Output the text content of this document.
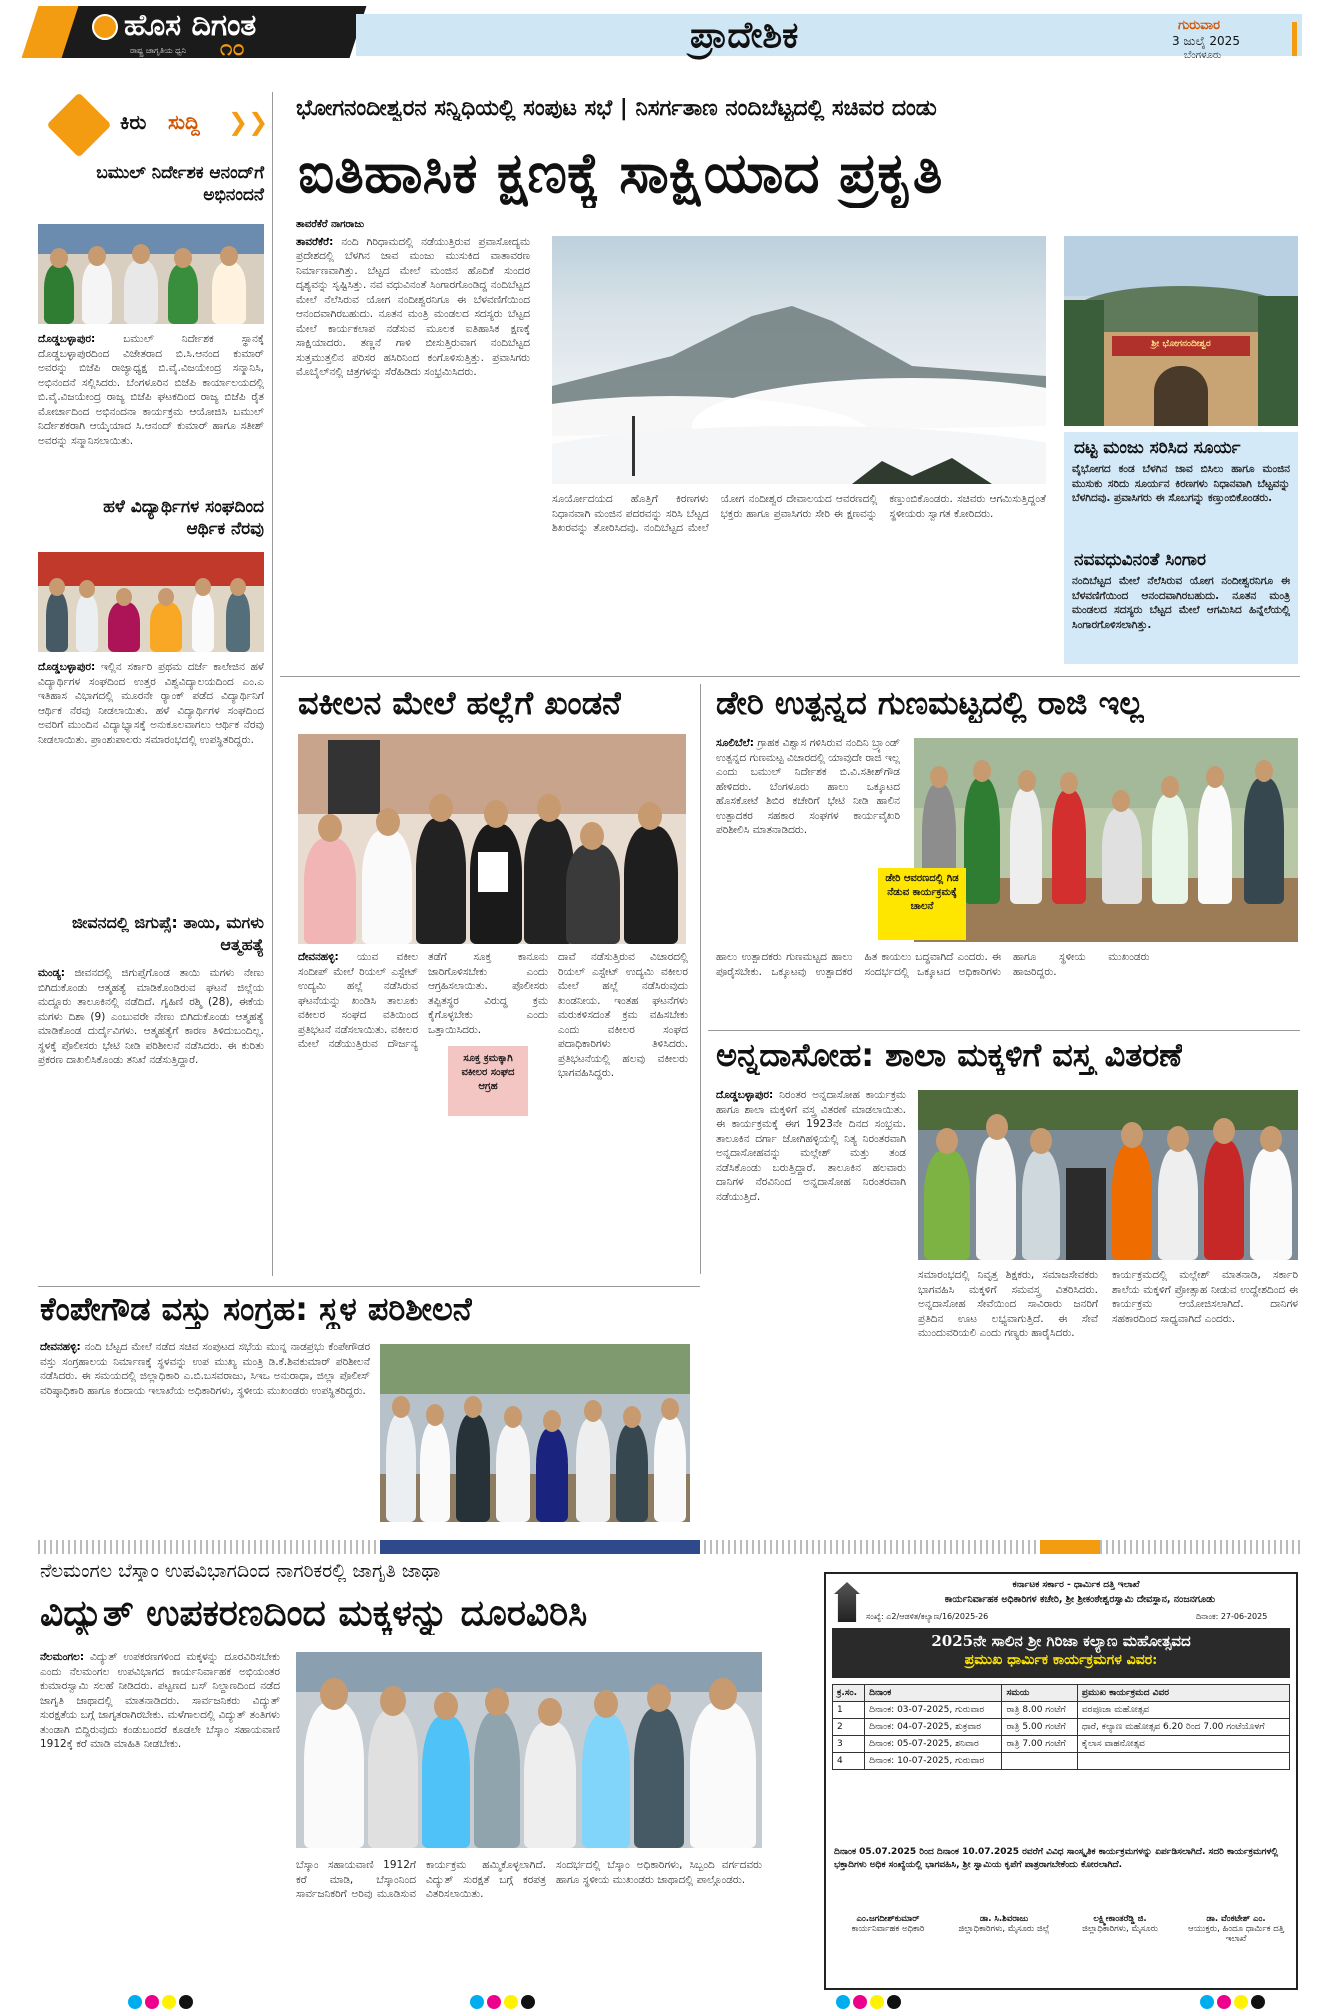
ಹೊಸ ದಿಗಂತ
ರಾಷ್ಟ್ರ ಜಾಗೃತಿಯ ಧ್ವನಿ ೧೦	ಪ್ರಾದೇಶಿಕ	ಗುರುವಾರ
3 ಜುಲೈ 2025
ಬೆಂಗಳೂರು
ಕಿರು ಸುದ್ದಿ ❯❯
ಬಮುಲ್ ನಿರ್ದೇಶಕ ಆನಂದ್‌ಗೆ ಅಭಿನಂದನೆ
ದೊಡ್ಡಬಳ್ಳಾಪುರ:	ಬಮುಲ್ ನಿರ್ದೇಶಕ ಸ್ಥಾನಕ್ಕೆ ದೊಡ್ಡಬಳ್ಳಾಪುರದಿಂದ ವಿಜೇತರಾದ ಬಿ.ಸಿ.ಆನಂದ ಕುಮಾರ್ ಅವರನ್ನು ಬಿಜೆಪಿ ರಾಜ್ಯಾಧ್ಯಕ್ಷ ಬಿ.ವೈ.ವಿಜಯೇಂದ್ರ ಸನ್ಮಾನಿಸಿ, ಅಭಿನಂದನೆ ಸಲ್ಲಿಸಿದರು. ಬೆಂಗಳೂರಿನ ಬಿಜೆಪಿ ಕಾರ್ಯಾಲಯದಲ್ಲಿ ಬಿ.ವೈ.ವಿಜಯೇಂದ್ರ ರಾಜ್ಯ ಬಿಜೆಪಿ ಘಟಕದಿಂದ ರಾಜ್ಯ ಬಿಜೆಪಿ ರೈತ ಮೋರ್ಚಾದಿಂದ ಅಭಿನಂದನಾ ಕಾರ್ಯಕ್ರಮ ಆಯೋಜಿಸಿ ಬಮುಲ್ ನಿರ್ದೇಶಕರಾಗಿ ಆಯ್ಕೆಯಾದ ಸಿ.ಆನಂದ್ ಕುಮಾರ್ ಹಾಗೂ ಸತೀಶ್ ಅವರನ್ನು ಸನ್ಮಾನಿಸಲಾಯಿತು.
ಹಳೆ ವಿದ್ಯಾರ್ಥಿಗಳ ಸಂಘದಿಂದ ಆರ್ಥಿಕ ನೆರವು
ದೊಡ್ಡಬಳ್ಳಾಪುರ: ಇಲ್ಲಿನ ಸರ್ಕಾರಿ ಪ್ರಥಮ ದರ್ಜೆ ಕಾಲೇಜಿನ ಹಳೆ ವಿದ್ಯಾರ್ಥಿಗಳ ಸಂಘದಿಂದ ಉತ್ತರ ವಿಶ್ವವಿದ್ಯಾಲಯದಿಂದ ಎಂ.ಎ ಇತಿಹಾಸ ವಿಭಾಗದಲ್ಲಿ ಮೂರನೇ ರ‍್ಯಾಂಕ್ ಪಡೆದ ವಿದ್ಯಾರ್ಥಿನಿಗೆ ಆರ್ಥಿಕ ನೆರವು ನೀಡಲಾಯಿತು. ಹಳೆ ವಿದ್ಯಾರ್ಥಿಗಳ ಸಂಘದಿಂದ ಅವರಿಗೆ ಮುಂದಿನ ವಿದ್ಯಾಭ್ಯಾಸಕ್ಕೆ ಅನುಕೂಲವಾಗಲು ಆರ್ಥಿಕ ನೆರವು ನೀಡಲಾಯಿತು. ಪ್ರಾಂಶುಪಾಲರು ಸಮಾರಂಭದಲ್ಲಿ ಉಪಸ್ಥಿತರಿದ್ದರು.
ಜೀವನದಲ್ಲಿ ಜಿಗುಪ್ಸೆ: ತಾಯಿ, ಮಗಳು ಆತ್ಮಹತ್ಯೆ
ಮಂಡ್ಯ: ಜೀವನದಲ್ಲಿ ಜಿಗುಪ್ಸೆಗೊಂಡ ತಾಯಿ ಮಗಳು ನೇಣು ಬಿಗಿದುಕೊಂಡು ಆತ್ಮಹತ್ಯೆ ಮಾಡಿಕೊಂಡಿರುವ ಘಟನೆ ಜಿಲ್ಲೆಯ ಮದ್ದೂರು ತಾಲೂಕಿನಲ್ಲಿ ನಡೆದಿದೆ. ಗೃಹಿಣಿ ರಶ್ಮಿ (28), ಈಕೆಯ ಮಗಳು ದಿಶಾ (9) ಎಂಬುವರೇ ನೇಣು ಬಿಗಿದುಕೊಂಡು ಆತ್ಮಹತ್ಯೆ ಮಾಡಿಕೊಂಡ ದುರ್ದೈವಿಗಳು. ಆತ್ಮಹತ್ಯೆಗೆ ಕಾರಣ ತಿಳಿದುಬಂದಿಲ್ಲ. ಸ್ಥಳಕ್ಕೆ ಪೊಲೀಸರು ಭೇಟಿ ನೀಡಿ ಪರಿಶೀಲನೆ ನಡೆಸಿದರು. ಈ ಕುರಿತು ಪ್ರಕರಣ ದಾಖಲಿಸಿಕೊಂಡು ತನಿಖೆ ನಡೆಸುತ್ತಿದ್ದಾರೆ.
ಭೋಗನಂದೀಶ್ವರನ ಸನ್ನಿಧಿಯಲ್ಲಿ ಸಂಪುಟ ಸಭೆ | ನಿಸರ್ಗತಾಣ ನಂದಿಬೆಟ್ಟದಲ್ಲಿ ಸಚಿವರ ದಂಡು
ಐತಿಹಾಸಿಕ ಕ್ಷಣಕ್ಕೆ ಸಾಕ್ಷಿಯಾದ ಪ್ರಕೃತಿ
ತಾವರೆಕೆರೆ ನಾಗರಾಜು
ತಾವರೆಕೆರೆ: ನಂದಿ ಗಿರಿಧಾಮದಲ್ಲಿ ನಡೆಯುತ್ತಿರುವ ಪ್ರವಾಸೋದ್ಯಮ ಪ್ರದೇಶದಲ್ಲಿ ಬೆಳಗಿನ ಜಾವ ಮಂಜು ಮುಸುಕಿದ ವಾತಾವರಣ ನಿರ್ಮಾಣವಾಗಿತ್ತು. ಬೆಟ್ಟದ ಮೇಲೆ ಮಂಜಿನ ಹೊದಿಕೆ ಸುಂದರ ದೃಶ್ಯವನ್ನು ಸೃಷ್ಟಿಸಿತ್ತು. ನವ ವಧುವಿನಂತೆ ಸಿಂಗಾರಗೊಂಡಿದ್ದ ನಂದಿಬೆಟ್ಟದ ಮೇಲೆ ನೆಲೆಸಿರುವ ಯೋಗ ನಂದೀಶ್ವರನಿಗೂ ಈ ಬೆಳವಣಿಗೆಯಿಂದ ಆನಂದವಾಗಿರಬಹುದು. ನೂತನ ಮಂತ್ರಿ ಮಂಡಲದ ಸದಸ್ಯರು ಬೆಟ್ಟದ ಮೇಲೆ ಕಾರ್ಯಕಲಾಪ ನಡೆಸುವ ಮೂಲಕ ಐತಿಹಾಸಿಕ ಕ್ಷಣಕ್ಕೆ ಸಾಕ್ಷಿಯಾದರು. ತಣ್ಣನೆ ಗಾಳಿ ಬೀಸುತ್ತಿರುವಾಗ ನಂದಿಬೆಟ್ಟದ ಸುತ್ತಮುತ್ತಲಿನ ಪರಿಸರ ಹಸಿರಿನಿಂದ ಕಂಗೊಳಿಸುತ್ತಿತ್ತು. ಪ್ರವಾಸಿಗರು ಮೊಬೈಲ್‌ನಲ್ಲಿ ಚಿತ್ರಗಳನ್ನು ಸೆರೆಹಿಡಿದು ಸಂಭ್ರಮಿಸಿದರು.
ಶ್ರೀ ಭೋಗನಂದೀಶ್ವರ
ದಟ್ಟ ಮಂಜು ಸರಿಸಿದ ಸೂರ್ಯ
ವೈಭೋಗದ ಕಂಡ ಬೆಳಗಿನ ಜಾವ ಬಿಸಿಲು ಹಾಗೂ ಮಂಜಿನ ಮುಸುಕು ಸರಿದು ಸೂರ್ಯನ ಕಿರಣಗಳು ನಿಧಾನವಾಗಿ ಬೆಟ್ಟವನ್ನು ಬೆಳಗಿದವು. ಪ್ರವಾಸಿಗರು ಈ ಸೊಬಗನ್ನು ಕಣ್ತುಂಬಿಕೊಂಡರು.
ನವವಧುವಿನಂತೆ ಸಿಂಗಾರ
ನಂದಿಬೆಟ್ಟದ ಮೇಲೆ ನೆಲೆಸಿರುವ ಯೋಗ ನಂದೀಶ್ವರನಿಗೂ ಈ ಬೆಳವಣಿಗೆಯಿಂದ ಆನಂದವಾಗಿರಬಹುದು. ನೂತನ ಮಂತ್ರಿ ಮಂಡಲದ ಸದಸ್ಯರು ಬೆಟ್ಟದ ಮೇಲೆ ಆಗಮಿಸಿದ ಹಿನ್ನೆಲೆಯಲ್ಲಿ ಸಿಂಗಾರಗೊಳಿಸಲಾಗಿತ್ತು.
ಸೂರ್ಯೋದಯದ ಹೊತ್ತಿಗೆ ಕಿರಣಗಳು ನಿಧಾನವಾಗಿ ಮಂಜಿನ ಪದರವನ್ನು ಸರಿಸಿ ಬೆಟ್ಟದ ಶಿಖರವನ್ನು ತೋರಿಸಿದವು. ನಂದಿಬೆಟ್ಟದ ಮೇಲೆ ಯೋಗ ನಂದೀಶ್ವರ ದೇವಾಲಯದ ಆವರಣದಲ್ಲಿ ಭಕ್ತರು ಹಾಗೂ ಪ್ರವಾಸಿಗರು ಸೇರಿ ಈ ಕ್ಷಣವನ್ನು ಕಣ್ತುಂಬಿಕೊಂಡರು. ಸಚಿವರು ಆಗಮಿಸುತ್ತಿದ್ದಂತೆ ಸ್ಥಳೀಯರು ಸ್ವಾಗತ ಕೋರಿದರು.
ವಕೀಲನ ಮೇಲೆ ಹಲ್ಲೆಗೆ ಖಂಡನೆ
ದೇವನಹಳ್ಳಿ: ಯುವ ವಕೀಲ ಸಂದೀಪ್ ಮೇಲೆ ರಿಯಲ್ ಎಸ್ಟೇಟ್ ಉದ್ಯಮಿ ಹಲ್ಲೆ ನಡೆಸಿರುವ ಘಟನೆಯನ್ನು ಖಂಡಿಸಿ ತಾಲೂಕು ವಕೀಲರ ಸಂಘದ ವತಿಯಿಂದ ಪ್ರತಿಭಟನೆ ನಡೆಸಲಾಯಿತು. ವಕೀಲರ ಮೇಲೆ ನಡೆಯುತ್ತಿರುವ ದೌರ್ಜನ್ಯ ತಡೆಗೆ ಸೂಕ್ತ ಕಾನೂನು ಜಾರಿಗೊಳಿಸಬೇಕು ಎಂದು ಆಗ್ರಹಿಸಲಾಯಿತು. ಪೊಲೀಸರು ತಪ್ಪಿತಸ್ಥರ ವಿರುದ್ಧ ಕ್ರಮ ಕೈಗೊಳ್ಳಬೇಕು ಎಂದು ಒತ್ತಾಯಿಸಿದರು.
ಸೂಕ್ತ ಕ್ರಮಕ್ಕಾಗಿ ವಕೀಲರ ಸಂಘದ ಆಗ್ರಹ
ದಾವೆ ನಡೆಸುತ್ತಿರುವ ವಿಚಾರದಲ್ಲಿ ರಿಯಲ್ ಎಸ್ಟೇಟ್ ಉದ್ಯಮಿ ವಕೀಲರ ಮೇಲೆ ಹಲ್ಲೆ ನಡೆಸಿರುವುದು ಖಂಡನೀಯ. ಇಂತಹ ಘಟನೆಗಳು ಮರುಕಳಿಸದಂತೆ ಕ್ರಮ ವಹಿಸಬೇಕು ಎಂದು ವಕೀಲರ ಸಂಘದ ಪದಾಧಿಕಾರಿಗಳು ತಿಳಿಸಿದರು. ಪ್ರತಿಭಟನೆಯಲ್ಲಿ ಹಲವು ವಕೀಲರು ಭಾಗವಹಿಸಿದ್ದರು.
ಡೇರಿ ಉತ್ಪನ್ನದ ಗುಣಮಟ್ಟದಲ್ಲಿ ರಾಜಿ ಇಲ್ಲ
ಸೂಲಿಬೆಲೆ: ಗ್ರಾಹಕ ವಿಶ್ವಾಸ ಗಳಿಸಿರುವ ನಂದಿನಿ ಬ್ರ್ಯಾಂಡ್ ಉತ್ಪನ್ನದ ಗುಣಮಟ್ಟ ವಿಚಾರದಲ್ಲಿ ಯಾವುದೇ ರಾಜಿ ಇಲ್ಲ ಎಂದು ಬಮುಲ್ ನಿರ್ದೇಶಕ ಬಿ.ವಿ.ಸತೀಶ್‌ಗೌಡ ಹೇಳಿದರು. ಬೆಂಗಳೂರು ಹಾಲು ಒಕ್ಕೂಟದ ಹೊಸಕೋಟೆ ಶಿಬಿರ ಕಚೇರಿಗೆ ಭೇಟಿ ನೀಡಿ ಹಾಲಿನ ಉತ್ಪಾದಕರ ಸಹಕಾರ ಸಂಘಗಳ ಕಾರ್ಯವೈಖರಿ ಪರಿಶೀಲಿಸಿ ಮಾತನಾಡಿದರು.
ಡೇರಿ ಆವರಣದಲ್ಲಿ ಗಿಡ ನೆಡುವ ಕಾರ್ಯಕ್ರಮಕ್ಕೆ ಚಾಲನೆ
ಹಾಲು ಉತ್ಪಾದಕರು ಗುಣಮಟ್ಟದ ಹಾಲು ಪೂರೈಸಬೇಕು. ಒಕ್ಕೂಟವು ಉತ್ಪಾದಕರ ಹಿತ ಕಾಯಲು ಬದ್ಧವಾಗಿದೆ ಎಂದರು. ಈ ಸಂದರ್ಭದಲ್ಲಿ ಒಕ್ಕೂಟದ ಅಧಿಕಾರಿಗಳು ಹಾಗೂ ಸ್ಥಳೀಯ ಮುಖಂಡರು ಹಾಜರಿದ್ದರು.
ಅನ್ನದಾಸೋಹ: ಶಾಲಾ ಮಕ್ಕಳಿಗೆ ವಸ್ತ್ರ ವಿತರಣೆ
ದೊಡ್ಡಬಳ್ಳಾಪುರ: ನಿರಂತರ ಅನ್ನದಾಸೋಹ ಕಾರ್ಯಕ್ರಮ ಹಾಗೂ ಶಾಲಾ ಮಕ್ಕಳಿಗೆ ವಸ್ತ್ರ ವಿತರಣೆ ಮಾಡಲಾಯಿತು. ಈ ಕಾರ್ಯಕ್ರಮಕ್ಕೆ ಈಗ 1923ನೇ ದಿನದ ಸಂಭ್ರಮ. ತಾಲೂಕಿನ ದರ್ಗಾ ಜೋಗಿಹಳ್ಳಿಯಲ್ಲಿ ನಿತ್ಯ ನಿರಂತರವಾಗಿ ಅನ್ನದಾಸೋಹವನ್ನು ಮಲ್ಲೇಶ್ ಮತ್ತು ತಂಡ ನಡೆಸಿಕೊಂಡು ಬರುತ್ತಿದ್ದಾರೆ. ತಾಲೂಕಿನ ಹಲವಾರು ದಾನಿಗಳ ನೆರವಿನಿಂದ ಅನ್ನದಾಸೋಹ ನಿರಂತರವಾಗಿ ನಡೆಯುತ್ತಿದೆ.
ಸಮಾರಂಭದಲ್ಲಿ ನಿವೃತ್ತ ಶಿಕ್ಷಕರು, ಸಮಾಜಸೇವಕರು ಭಾಗವಹಿಸಿ ಮಕ್ಕಳಿಗೆ ಸಮವಸ್ತ್ರ ವಿತರಿಸಿದರು. ಅನ್ನದಾಸೋಹ ಸೇವೆಯಿಂದ ಸಾವಿರಾರು ಜನರಿಗೆ ಪ್ರತಿದಿನ ಊಟ ಲಭ್ಯವಾಗುತ್ತಿದೆ. ಈ ಸೇವೆ ಮುಂದುವರಿಯಲಿ ಎಂದು ಗಣ್ಯರು ಹಾರೈಸಿದರು.
ಕಾರ್ಯಕ್ರಮದಲ್ಲಿ ಮಲ್ಲೇಶ್ ಮಾತನಾಡಿ, ಸರ್ಕಾರಿ ಶಾಲೆಯ ಮಕ್ಕಳಿಗೆ ಪ್ರೋತ್ಸಾಹ ನೀಡುವ ಉದ್ದೇಶದಿಂದ ಈ ಕಾರ್ಯಕ್ರಮ ಆಯೋಜಿಸಲಾಗಿದೆ. ದಾನಿಗಳ ಸಹಕಾರದಿಂದ ಸಾಧ್ಯವಾಗಿದೆ ಎಂದರು.
ಕೆಂಪೇಗೌಡ ವಸ್ತು ಸಂಗ್ರಹ: ಸ್ಥಳ ಪರಿಶೀಲನೆ
ದೇವನಹಳ್ಳಿ: ನಂದಿ ಬೆಟ್ಟದ ಮೇಲೆ ನಡೆದ ಸಚಿವ ಸಂಪುಟದ ಸಭೆಯ ಮುನ್ನ ನಾಡಪ್ರಭು ಕೆಂಪೇಗೌಡರ ವಸ್ತು ಸಂಗ್ರಹಾಲಯ ನಿರ್ಮಾಣಕ್ಕೆ ಸ್ಥಳವನ್ನು ಉಪ ಮುಖ್ಯ ಮಂತ್ರಿ ಡಿ.ಕೆ.ಶಿವಕುಮಾರ್ ಪರಿಶೀಲನೆ ನಡೆಸಿದರು. ಈ ಸಮಯದಲ್ಲಿ ಜಿಲ್ಲಾಧಿಕಾರಿ ಎ.ಬಿ.ಬಸವರಾಜು, ಸಿಇಒ ಅನುರಾಧಾ, ಜಿಲ್ಲಾ ಪೊಲೀಸ್ ವರಿಷ್ಠಾಧಿಕಾರಿ ಹಾಗೂ ಕಂದಾಯ ಇಲಾಖೆಯ ಅಧಿಕಾರಿಗಳು, ಸ್ಥಳೀಯ ಮುಖಂಡರು ಉಪಸ್ಥಿತರಿದ್ದರು.
ನೆಲಮಂಗಲ ಬೆಸ್ಕಾಂ ಉಪವಿಭಾಗದಿಂದ ನಾಗರಿಕರಲ್ಲಿ ಜಾಗೃತಿ ಜಾಥಾ
ವಿದ್ಯುತ್ ಉಪಕರಣದಿಂದ ಮಕ್ಕಳನ್ನು ದೂರವಿರಿಸಿ
ನೆಲಮಂಗಲ: ವಿದ್ಯುತ್ ಉಪಕರಣಗಳಿಂದ ಮಕ್ಕಳನ್ನು ದೂರವಿರಿಸಬೇಕು ಎಂದು ನೆಲಮಂಗಲ ಉಪವಿಭಾಗದ ಕಾರ್ಯನಿರ್ವಾಹಕ ಅಭಿಯಂತರ ಕುಮಾರಸ್ವಾಮಿ ಸಲಹೆ ನೀಡಿದರು. ಪಟ್ಟಣದ ಬಸ್ ನಿಲ್ದಾಣದಿಂದ ನಡೆದ ಜಾಗೃತಿ ಜಾಥಾದಲ್ಲಿ ಮಾತನಾಡಿದರು. ಸಾರ್ವಜನಿಕರು ವಿದ್ಯುತ್ ಸುರಕ್ಷತೆಯ ಬಗ್ಗೆ ಜಾಗೃತರಾಗಿರಬೇಕು. ಮಳೆಗಾಲದಲ್ಲಿ ವಿದ್ಯುತ್ ತಂತಿಗಳು ತುಂಡಾಗಿ ಬಿದ್ದಿರುವುದು ಕಂಡುಬಂದರೆ ಕೂಡಲೇ ಬೆಸ್ಕಾಂ ಸಹಾಯವಾಣಿ 1912ಕ್ಕೆ ಕರೆ ಮಾಡಿ ಮಾಹಿತಿ ನೀಡಬೇಕು.
ಬೆಸ್ಕಾಂ ಸಹಾಯವಾಣಿ 1912ಗೆ ಕರೆ ಮಾಡಿ, ಬೆಸ್ಕಾಂನಿಂದ ಸಾರ್ವಜನಿಕರಿಗೆ ಅರಿವು ಮೂಡಿಸುವ ಕಾರ್ಯಕ್ರಮ ಹಮ್ಮಿಕೊಳ್ಳಲಾಗಿದೆ. ವಿದ್ಯುತ್ ಸುರಕ್ಷತೆ ಬಗ್ಗೆ ಕರಪತ್ರ ವಿತರಿಸಲಾಯಿತು.
ಸಂದರ್ಭದಲ್ಲಿ ಬೆಸ್ಕಾಂ ಅಧಿಕಾರಿಗಳು, ಸಿಬ್ಬಂದಿ ವರ್ಗದವರು ಹಾಗೂ ಸ್ಥಳೀಯ ಮುಖಂಡರು ಜಾಥಾದಲ್ಲಿ ಪಾಲ್ಗೊಂಡರು.
ಕರ್ನಾಟಕ ಸರ್ಕಾರ - ಧಾರ್ಮಿಕ ದತ್ತಿ ಇಲಾಖೆ
ಕಾರ್ಯನಿರ್ವಾಹಕ ಅಧಿಕಾರಿಗಳ ಕಚೇರಿ, ಶ್ರೀ ಶ್ರೀಕಂಠೇಶ್ವರಸ್ವಾಮಿ ದೇವಸ್ಥಾನ, ನಂಜನಗೂಡು
ಸಂಖ್ಯೆ: ಎ2/ಆಡಳಿತ/ಕಲ್ಯಾಣ/16/2025-26	ದಿನಾಂಕ: 27-06-2025
2025ನೇ ಸಾಲಿನ ಶ್ರೀ ಗಿರಿಜಾ ಕಲ್ಯಾಣ ಮಹೋತ್ಸವದ
ಪ್ರಮುಖ ಧಾರ್ಮಿಕ ಕಾರ್ಯಕ್ರಮಗಳ ವಿವರ:
ಕ್ರ.ಸಂ.	ದಿನಾಂಕ	ಸಮಯ	ಪ್ರಮುಖ ಕಾರ್ಯಕ್ರಮದ ವಿವರ
1	ದಿನಾಂಕ: 03-07-2025, ಗುರುವಾರ	ರಾತ್ರಿ 8.00 ಗಂಟೆಗೆ	ವರಪೂಜಾ ಮಹೋತ್ಸವ
2	ದಿನಾಂಕ: 04-07-2025, ಶುಕ್ರವಾರ	ರಾತ್ರಿ 5.00 ಗಂಟೆಗೆ	ಧಾರೆ, ಕಲ್ಯಾಣ ಮಹೋತ್ಸವ 6.20 ರಿಂದ 7.00 ಗಂಟೆಯೊಳಗೆ
3	ದಿನಾಂಕ: 05-07-2025, ಶನಿವಾರ	ರಾತ್ರಿ 7.00 ಗಂಟೆಗೆ	ಕೈಲಾಸ ವಾಹನೋತ್ಸವ
4	ದಿನಾಂಕ: 10-07-2025, ಗುರುವಾರ		
ದಿನಾಂಕ 05.07.2025 ರಿಂದ ದಿನಾಂಕ 10.07.2025 ರವರೆಗೆ ವಿವಿಧ ಸಾಂಸ್ಕೃತಿಕ ಕಾರ್ಯಕ್ರಮಗಳನ್ನು ಏರ್ಪಡಿಸಲಾಗಿದೆ. ಸದರಿ ಕಾರ್ಯಕ್ರಮಗಳಲ್ಲಿ ಭಕ್ತಾದಿಗಳು ಅಧಿಕ ಸಂಖ್ಯೆಯಲ್ಲಿ ಭಾಗವಹಿಸಿ, ಶ್ರೀ ಸ್ವಾಮಿಯ ಕೃಪೆಗೆ ಪಾತ್ರರಾಗಬೇಕೆಂದು ಕೋರಲಾಗಿದೆ.
ಎಂ.ಜಗದೀಶ್‌ಕುಮಾರ್
ಕಾರ್ಯನಿರ್ವಾಹಕ ಅಧಿಕಾರಿ
ಡಾ. ಸಿ.ಶಿವರಾಜು
ಜಿಲ್ಲಾಧಿಕಾರಿಗಳು, ಮೈಸೂರು ಜಿಲ್ಲೆ
ಲಕ್ಷ್ಮೀಕಾಂತರೆಡ್ಡಿ ಜಿ.
ಜಿಲ್ಲಾಧಿಕಾರಿಗಳು, ಮೈಸೂರು
ಡಾ. ವೆಂಕಟೇಶ್ ಎಂ.
ಆಯುಕ್ತರು, ಹಿಂದೂ ಧಾರ್ಮಿಕ ದತ್ತಿ ಇಲಾಖೆ
